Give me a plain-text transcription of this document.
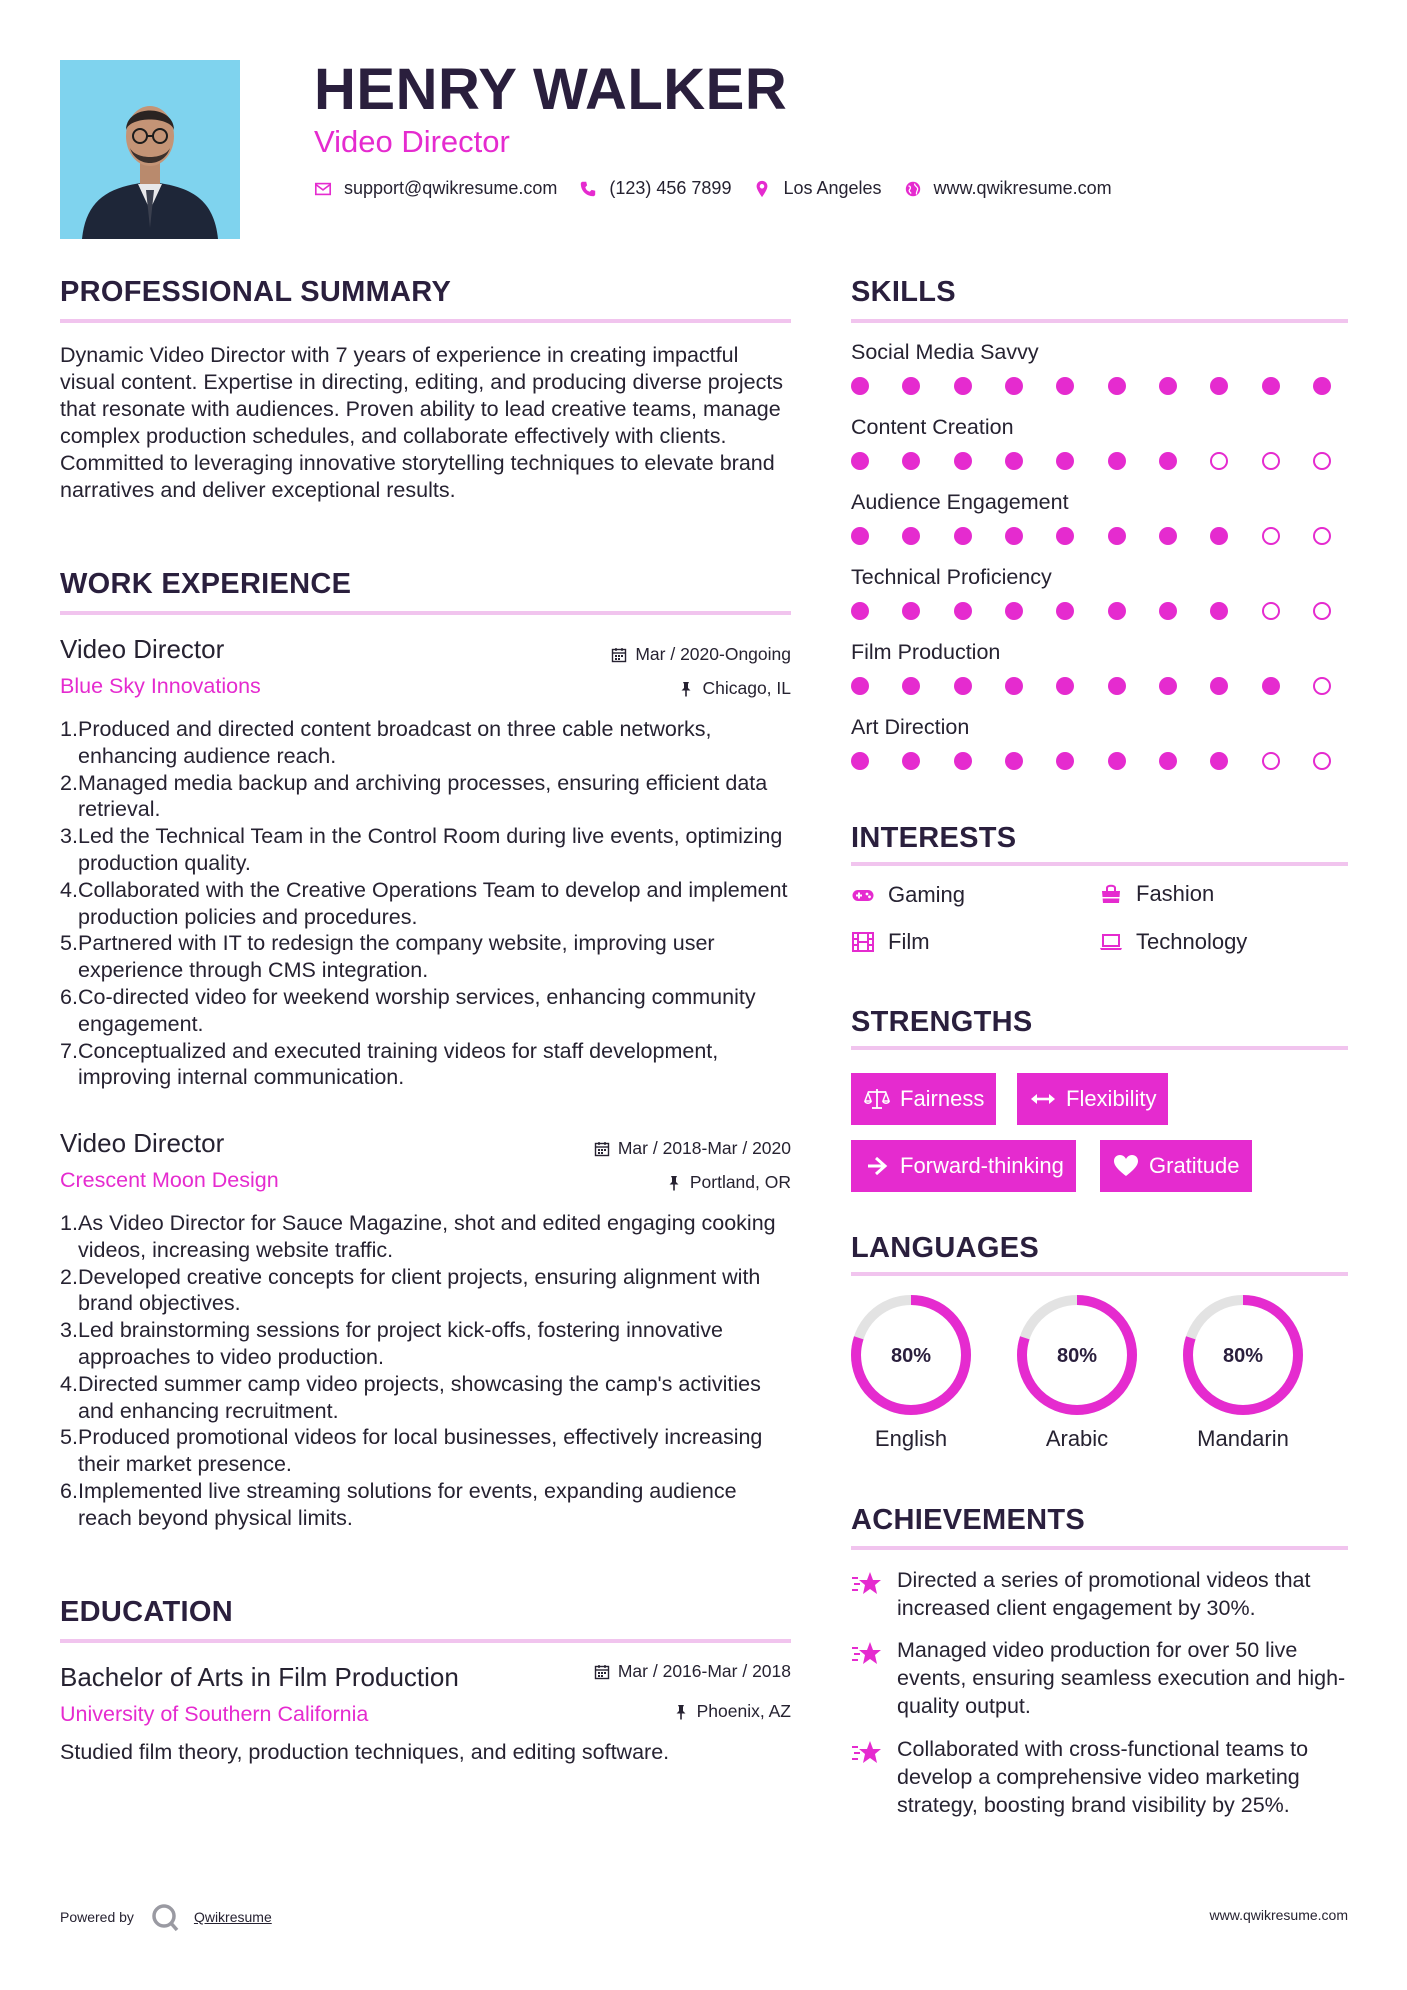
HENRY WALKER
Video Director
support@qwikresume.com	(123) 456 7899	Los Angeles	www.qwikresume.com
PROFESSIONAL SUMMARY
Dynamic Video Director with 7 years of experience in creating impactful visual content. Expertise in directing, editing, and producing diverse projects that resonate with audiences. Proven ability to lead creative teams, manage complex production schedules, and collaborate effectively with clients. Committed to leveraging innovative storytelling techniques to elevate brand narratives and deliver exceptional results.
WORK EXPERIENCE
Video Director
Blue Sky Innovations
Mar / 2020-Ongoing
Chicago, IL
1. Produced and directed content broadcast on three cable networks, enhancing audience reach.
2. Managed media backup and archiving processes, ensuring efficient data retrieval.
3. Led the Technical Team in the Control Room during live events, optimizing production quality.
4. Collaborated with the Creative Operations Team to develop and implement production policies and procedures.
5. Partnered with IT to redesign the company website, improving user experience through CMS integration.
6. Co-directed video for weekend worship services, enhancing community engagement.
7. Conceptualized and executed training videos for staff development, improving internal communication.
Video Director
Crescent Moon Design
Mar / 2018-Mar / 2020
Portland, OR
1. As Video Director for Sauce Magazine, shot and edited engaging cooking videos, increasing website traffic.
2. Developed creative concepts for client projects, ensuring alignment with brand objectives.
3. Led brainstorming sessions for project kick-offs, fostering innovative approaches to video production.
4. Directed summer camp video projects, showcasing the camp's activities and enhancing recruitment.
5. Produced promotional videos for local businesses, effectively increasing their market presence.
6. Implemented live streaming solutions for events, expanding audience reach beyond physical limits.
EDUCATION
Bachelor of Arts in Film Production
University of Southern California
Mar / 2016-Mar / 2018
Phoenix, AZ
Studied film theory, production techniques, and editing software.
SKILLS
Social Media Savvy
Content Creation
Audience Engagement
Technical Proficiency
Film Production
Art Direction
INTERESTS
Gaming	Fashion
Film	Technology
STRENGTHS
Fairness	Flexibility
Forward-thinking	Gratitude
LANGUAGES
80%
English
80%
Arabic
80%
Mandarin
ACHIEVEMENTS
Directed a series of promotional videos that increased client engagement by 30%.
Managed video production for over 50 live events, ensuring seamless execution and high-quality output.
Collaborated with cross-functional teams to develop a comprehensive video marketing strategy, boosting brand visibility by 25%.
Powered by	Qwikresume	www.qwikresume.com
